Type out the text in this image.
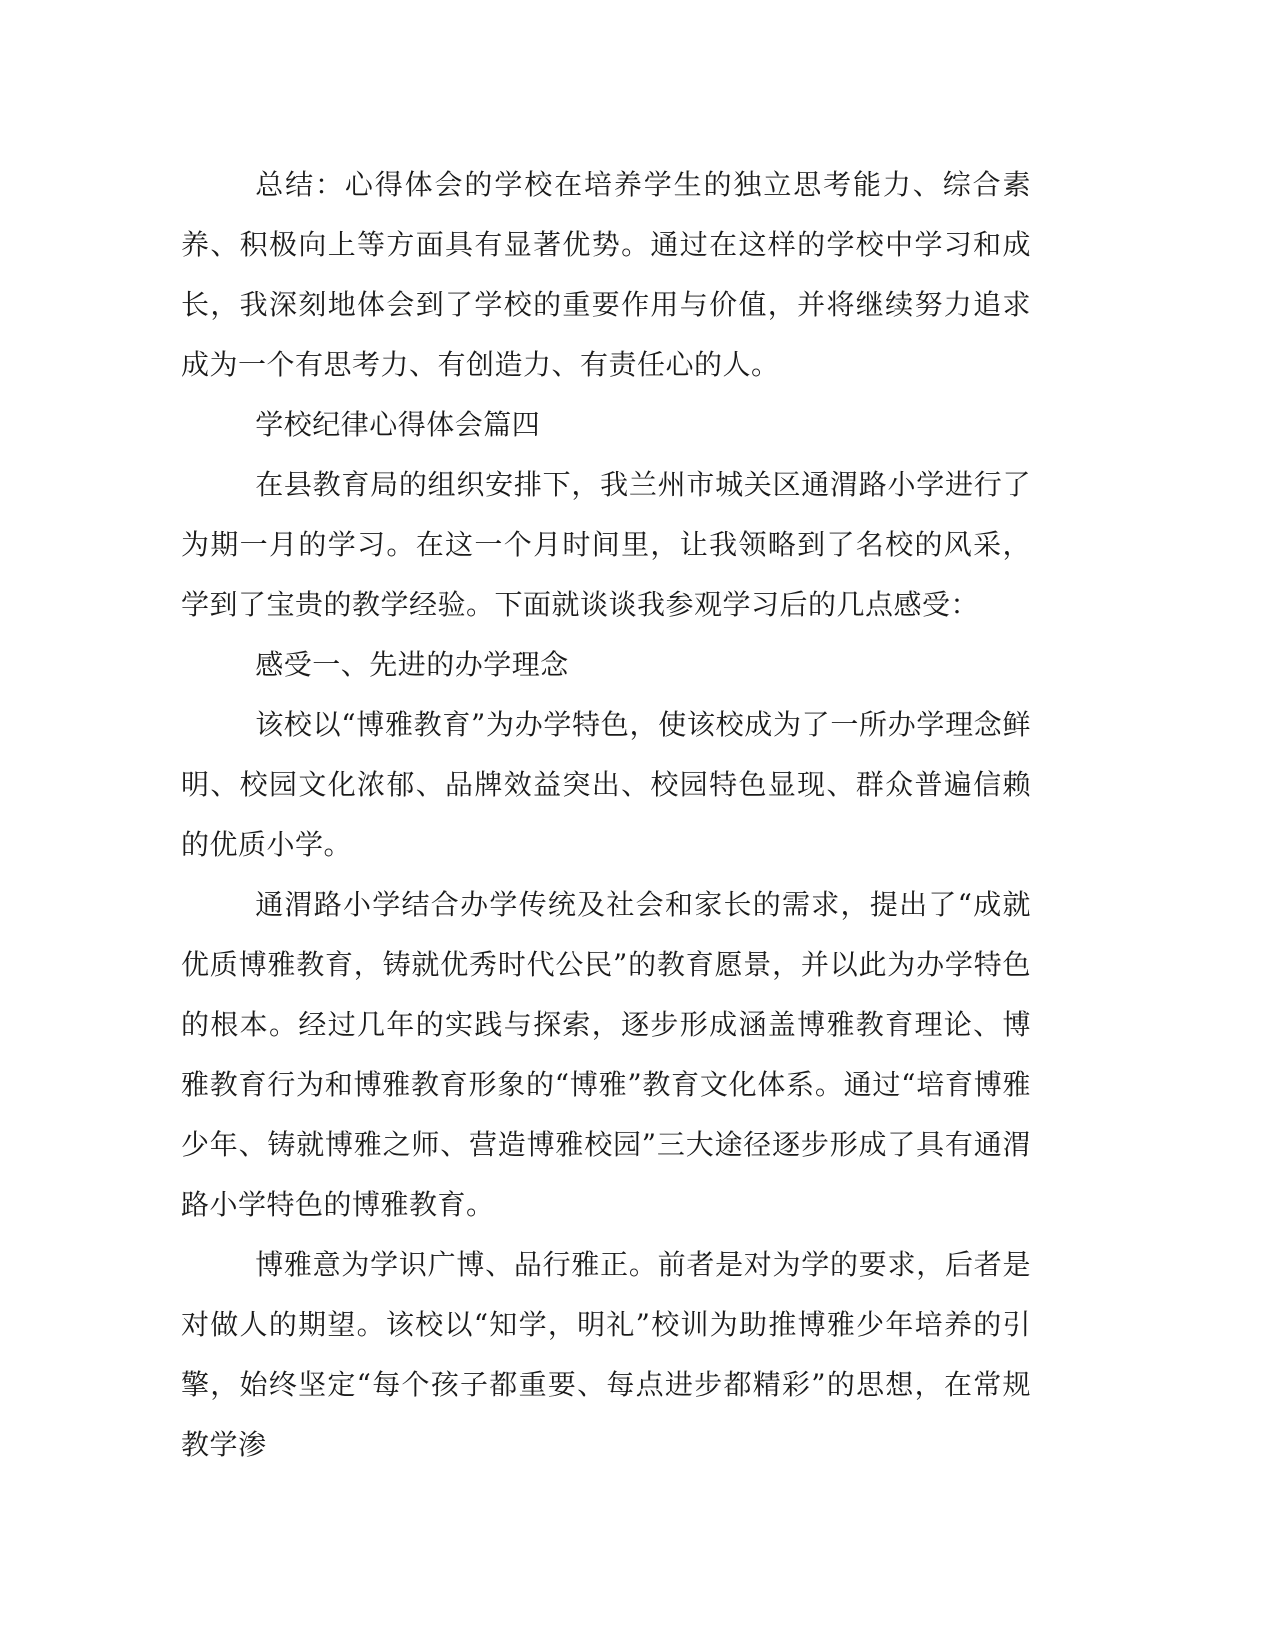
总结：心得体会的学校在培养学生的独立思考能力、综合素养、积极向上等方面具有显著优势。通过在这样的学校中学习和成长，我深刻地体会到了学校的重要作用与价值，并将继续努力追求成为一个有思考力、有创造力、有责任心的人。

学校纪律心得体会篇四

在县教育局的组织安排下，我兰州市城关区通渭路小学进行了为期一月的学习。在这一个月时间里，让我领略到了名校的风采，学到了宝贵的教学经验。下面就谈谈我参观学习后的几点感受：

感受一、先进的办学理念

该校以“博雅教育”为办学特色，使该校成为了一所办学理念鲜明、校园文化浓郁、品牌效益突出、校园特色显现、群众普遍信赖的优质小学。

通渭路小学结合办学传统及社会和家长的需求，提出了“成就优质博雅教育，铸就优秀时代公民”的教育愿景，并以此为办学特色的根本。经过几年的实践与探索，逐步形成涵盖博雅教育理论、博雅教育行为和博雅教育形象的“博雅”教育文化体系。通过“培育博雅少年、铸就博雅之师、营造博雅校园”三大途径逐步形成了具有通渭路小学特色的博雅教育。

博雅意为学识广博、品行雅正。前者是对为学的要求，后者是对做人的期望。该校以“知学，明礼”校训为助推博雅少年培养的引擎，始终坚定“每个孩子都重要、每点进步都精彩”的思想，在常规教学渗
